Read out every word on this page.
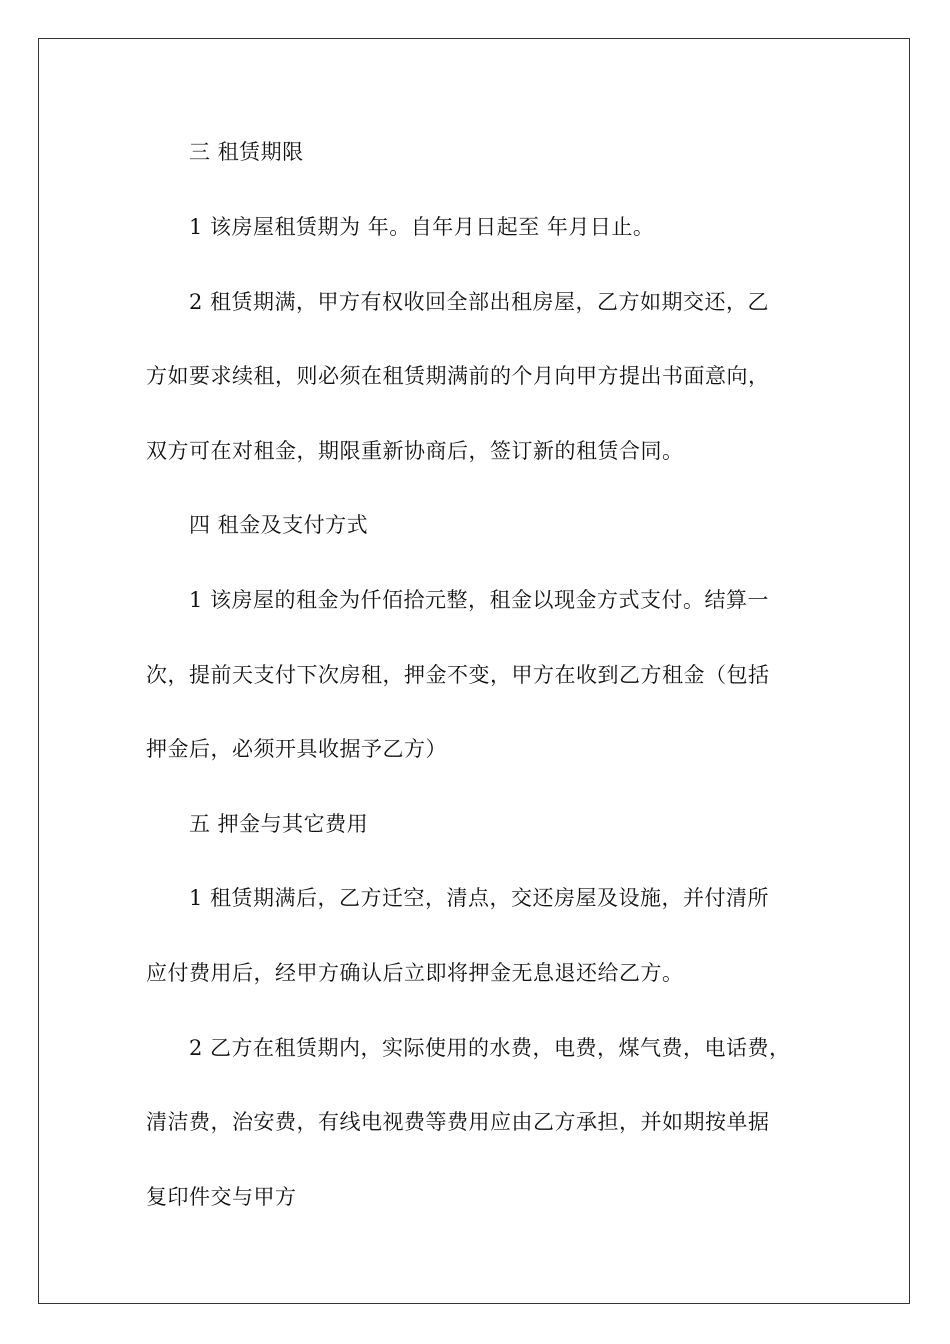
三 租赁期限
1 该房屋租赁期为 年。自年月日起至 年月日止。
2 租赁期满，甲方有权收回全部出租房屋，乙方如期交还，乙
方如要求续租，则必须在租赁期满前的个月向甲方提出书面意向，
双方可在对租金，期限重新协商后，签订新的租赁合同。
四 租金及支付方式
1 该房屋的租金为仟佰拾元整，租金以现金方式支付。结算一
次，提前天支付下次房租，押金不变，甲方在收到乙方租金（包括
押金后，必须开具收据予乙方）
五 押金与其它费用
1 租赁期满后，乙方迁空，清点，交还房屋及设施，并付清所
应付费用后，经甲方确认后立即将押金无息退还给乙方。
2 乙方在租赁期内，实际使用的水费，电费，煤气费，电话费，
清洁费，治安费，有线电视费等费用应由乙方承担，并如期按单据
复印件交与甲方
